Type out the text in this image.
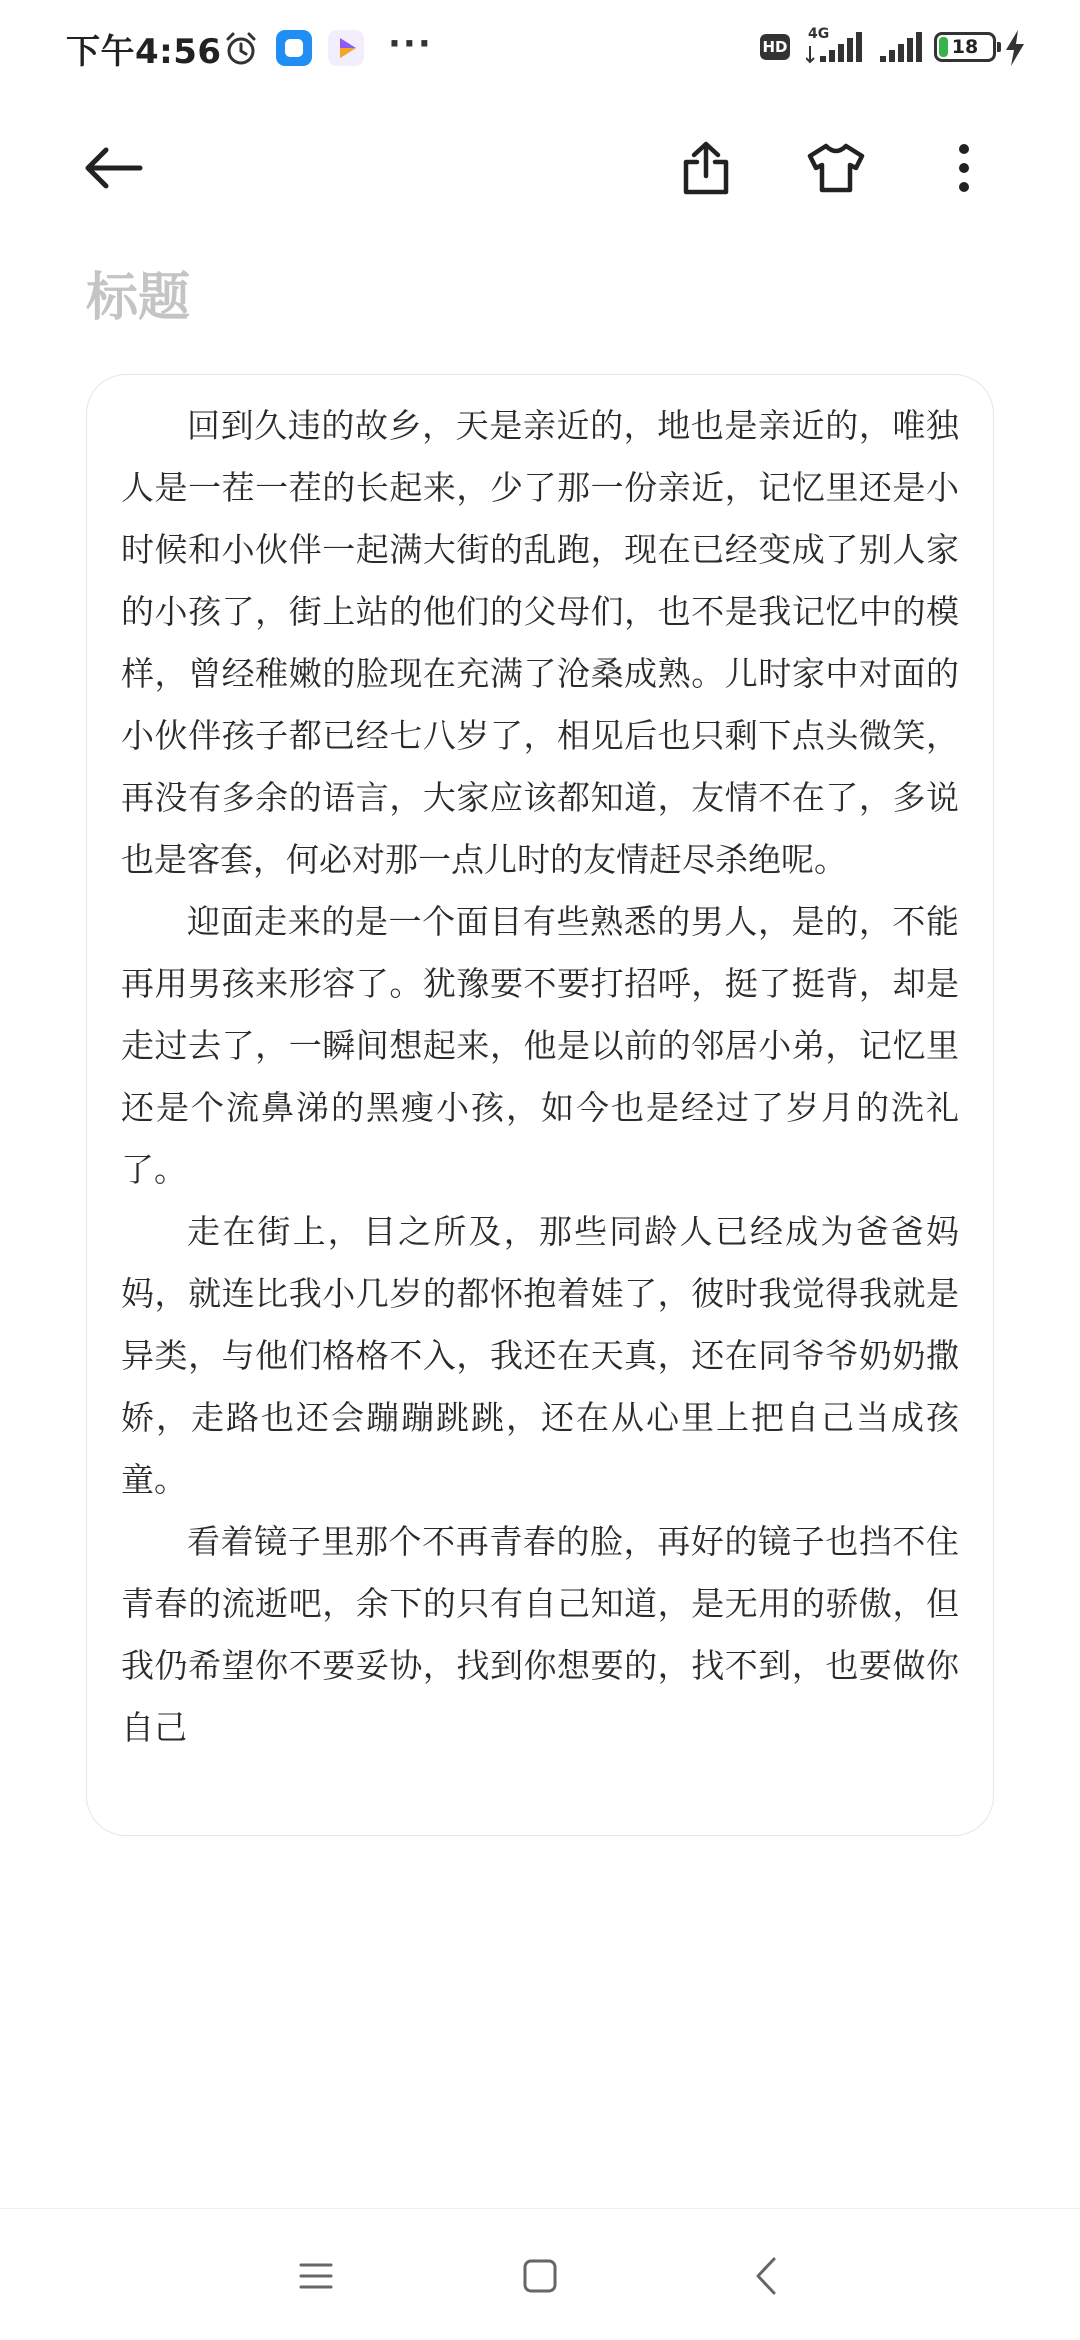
下午4:56	···	HD
4G
18
标题

回到久违的故乡，天是亲近的，地也是亲近的，唯独人是一茬一茬的长起来，少了那一份亲近，记忆里还是小时候和小伙伴一起满大街的乱跑，现在已经变成了别人家的小孩了，街上站的他们的父母们，也不是我记忆中的模样，曾经稚嫩的脸现在充满了沧桑成熟。儿时家中对面的小伙伴孩子都已经七八岁了，相见后也只剩下点头微笑，再没有多余的语言，大家应该都知道，友情不在了，多说也是客套，何必对那一点儿时的友情赶尽杀绝呢。

迎面走来的是一个面目有些熟悉的男人，是的，不能再用男孩来形容了。犹豫要不要打招呼，挺了挺背，却是走过去了，一瞬间想起来，他是以前的邻居小弟，记忆里还是个流鼻涕的黑瘦小孩，如今也是经过了岁月的洗礼了。

走在街上，目之所及，那些同龄人已经成为爸爸妈妈，就连比我小几岁的都怀抱着娃了，彼时我觉得我就是异类，与他们格格不入，我还在天真，还在同爷爷奶奶撒娇，走路也还会蹦蹦跳跳，还在从心里上把自己当成孩童。

看着镜子里那个不再青春的脸，再好的镜子也挡不住青春的流逝吧，余下的只有自己知道，是无用的骄傲，但我仍希望你不要妥协，找到你想要的，找不到，也要做你自己
